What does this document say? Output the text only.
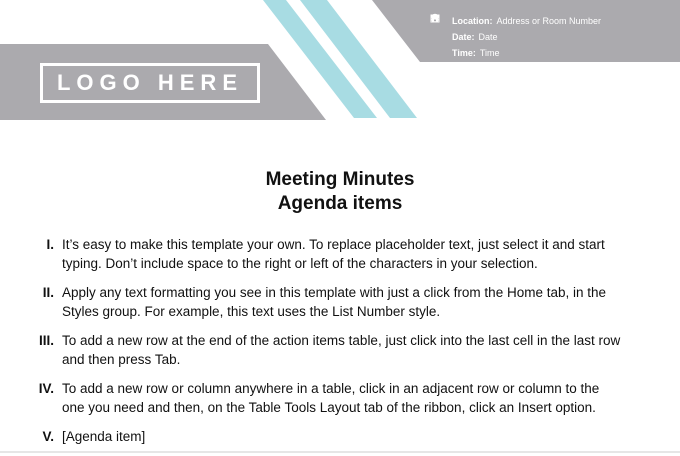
LOGO HERE
Location: Address or Room Number
Date: Date
Time: Time
Meeting Minutes
Agenda items
I. It’s easy to make this template your own. To replace placeholder text, just select it and start typing. Don’t include space to the right or left of the characters in your selection.
II. Apply any text formatting you see in this template with just a click from the Home tab, in the Styles group. For example, this text uses the List Number style.
III. To add a new row at the end of the action items table, just click into the last cell in the last row and then press Tab.
IV. To add a new row or column anywhere in a table, click in an adjacent row or column to the one you need and then, on the Table Tools Layout tab of the ribbon, click an Insert option.
V. [Agenda item]
